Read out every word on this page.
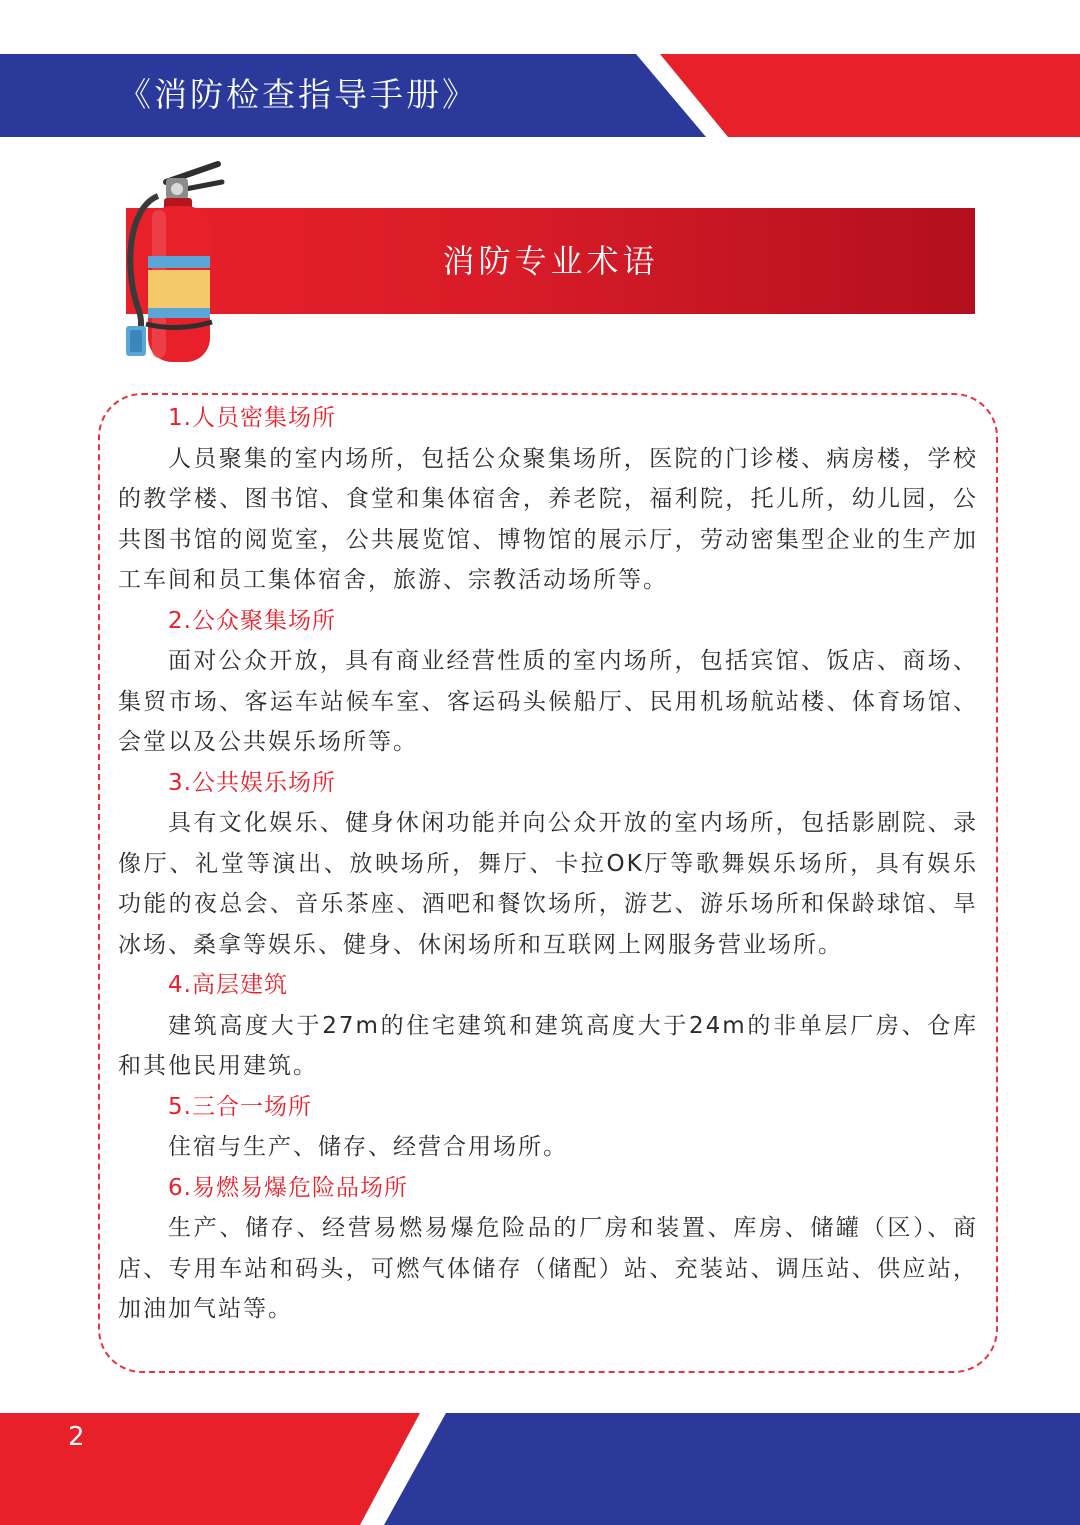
《消防检查指导手册》
消防专业术语
1.人员密集场所
人员聚集的室内场所，包括公众聚集场所，医院的门诊楼、病房楼，学校的教学楼、图书馆、食堂和集体宿舍，养老院，福利院，托儿所，幼儿园，公共图书馆的阅览室，公共展览馆、博物馆的展示厅，劳动密集型企业的生产加工车间和员工集体宿舍，旅游、宗教活动场所等。
2.公众聚集场所
面对公众开放，具有商业经营性质的室内场所，包括宾馆、饭店、商场、集贸市场、客运车站候车室、客运码头候船厅、民用机场航站楼、体育场馆、会堂以及公共娱乐场所等。
3.公共娱乐场所
具有文化娱乐、健身休闲功能并向公众开放的室内场所，包括影剧院、录像厅、礼堂等演出、放映场所，舞厅、卡拉OK厅等歌舞娱乐场所，具有娱乐功能的夜总会、音乐茶座、酒吧和餐饮场所，游艺、游乐场所和保龄球馆、旱冰场、桑拿等娱乐、健身、休闲场所和互联网上网服务营业场所。
4.高层建筑
建筑高度大于27m的住宅建筑和建筑高度大于24m的非单层厂房、仓库和其他民用建筑。
5.三合一场所
住宿与生产、储存、经营合用场所。
6.易燃易爆危险品场所
生产、储存、经营易燃易爆危险品的厂房和装置、库房、储罐（区）、商店、专用车站和码头，可燃气体储存（储配）站、充装站、调压站、供应站，加油加气站等。
2
